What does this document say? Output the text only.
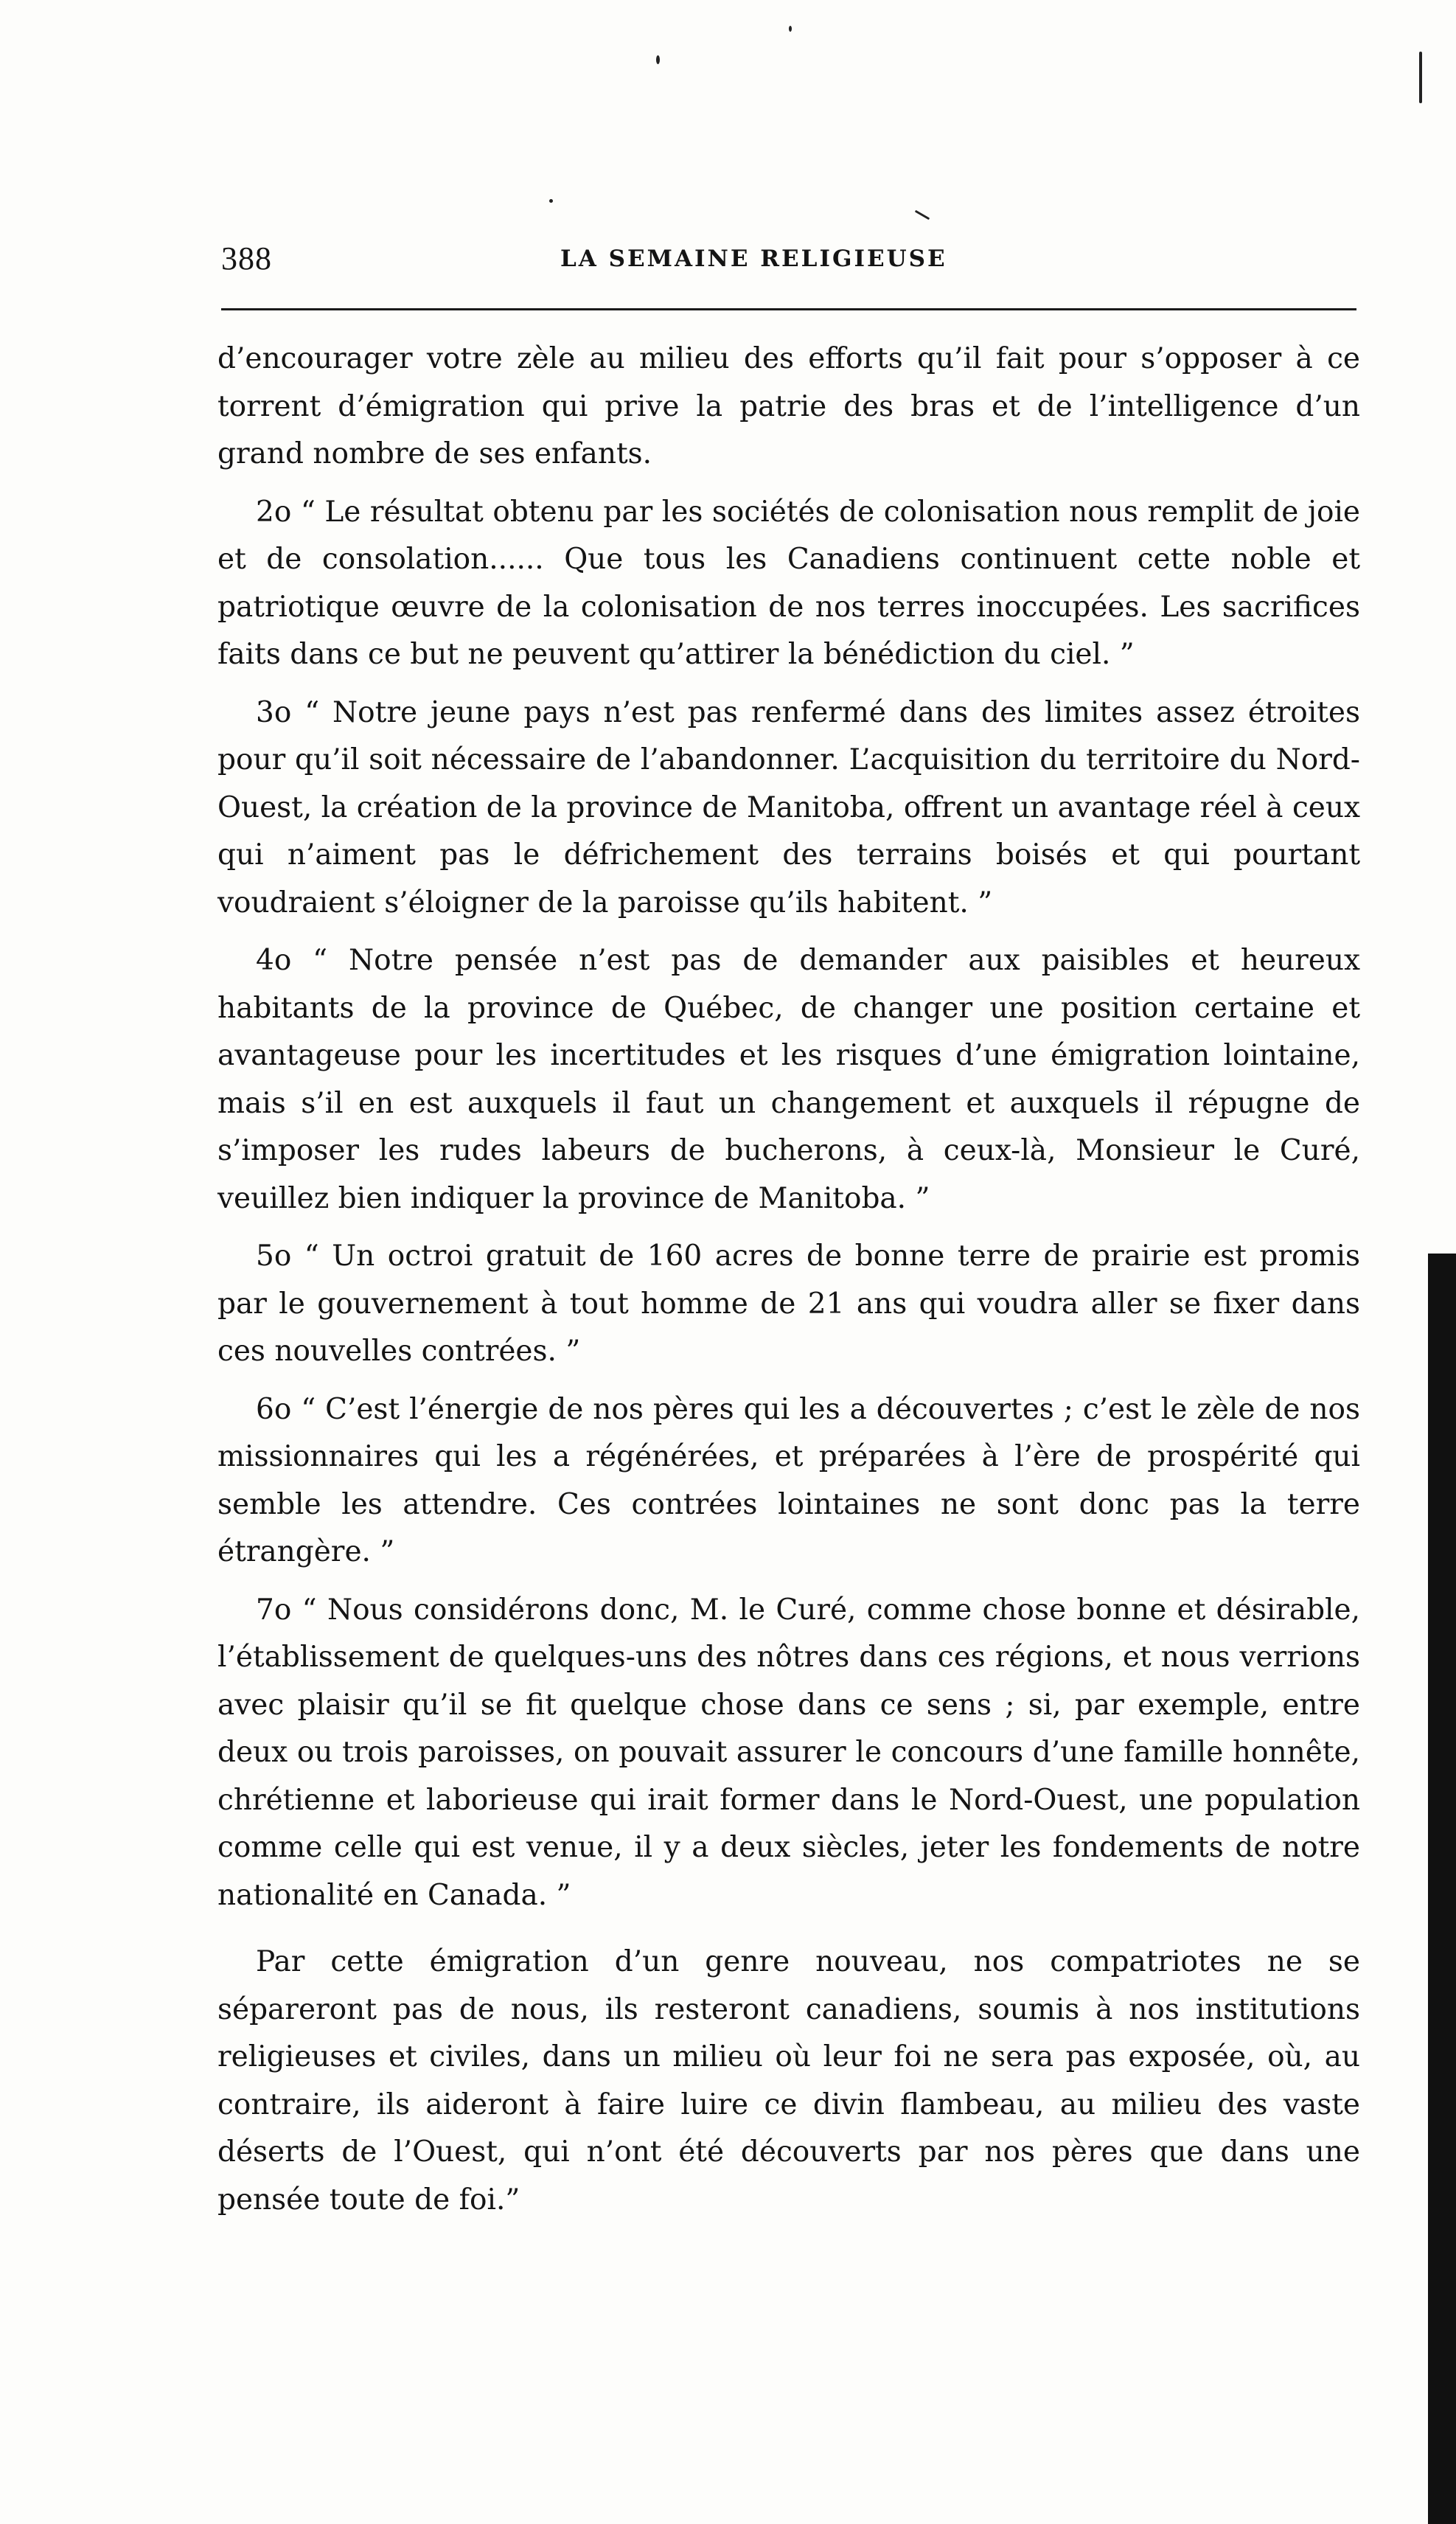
388	LA SEMAINE RELIGIEUSE

d’encourager votre zèle au milieu des efforts qu’il fait pour s’opposer à ce torrent d’émigration qui prive la patrie des bras et de l’intelligence d’un grand nombre de ses enfants.

2o “ Le résultat obtenu par les sociétés de colonisation nous remplit de joie et de consolation...... Que tous les Canadiens continuent cette noble et patriotique œuvre de la colonisation de nos terres inoccupées. Les sacrifices faits dans ce but ne peuvent qu’attirer la bénédiction du ciel. ”

3o “ Notre jeune pays n’est pas renfermé dans des limites assez étroites pour qu’il soit nécessaire de l’abandonner. L’acquisition du territoire du Nord-Ouest, la création de la province de Manitoba, offrent un avantage réel à ceux qui n’aiment pas le défrichement des terrains boisés et qui pourtant voudraient s’éloigner de la paroisse qu’ils habitent. ”

4o “ Notre pensée n’est pas de demander aux paisibles et heureux habitants de la province de Québec, de changer une position certaine et avantageuse pour les incertitudes et les risques d’une émigration lointaine, mais s’il en est auxquels il faut un changement et auxquels il répugne de s’imposer les rudes labeurs de bucherons, à ceux-là, Monsieur le Curé, veuillez bien indiquer la province de Manitoba. ”

5o “ Un octroi gratuit de 160 acres de bonne terre de prairie est promis par le gouvernement à tout homme de 21 ans qui voudra aller se fixer dans ces nouvelles contrées. ”

6o “ C’est l’énergie de nos pères qui les a découvertes ; c’est le zèle de nos missionnaires qui les a régénérées, et préparées à l’ère de prospérité qui semble les attendre. Ces contrées lointaines ne sont donc pas la terre étrangère. ”

7o “ Nous considérons donc, M. le Curé, comme chose bonne et désirable, l’établissement de quelques-uns des nôtres dans ces régions, et nous verrions avec plaisir qu’il se fit quelque chose dans ce sens ; si, par exemple, entre deux ou trois paroisses, on pouvait assurer le concours d’une famille honnête, chrétienne et laborieuse qui irait former dans le Nord-Ouest, une population comme celle qui est venue, il y a deux siècles, jeter les fondements de notre nationalité en Canada. ”

Par cette émigration d’un genre nouveau, nos compatriotes ne se sépareront pas de nous, ils resteront canadiens, soumis à nos institutions religieuses et civiles, dans un milieu où leur foi ne sera pas exposée, où, au contraire, ils aideront à faire luire ce divin flambeau, au milieu des vaste déserts de l’Ouest, qui n’ont été découverts par nos pères que dans une pensée toute de foi.”
